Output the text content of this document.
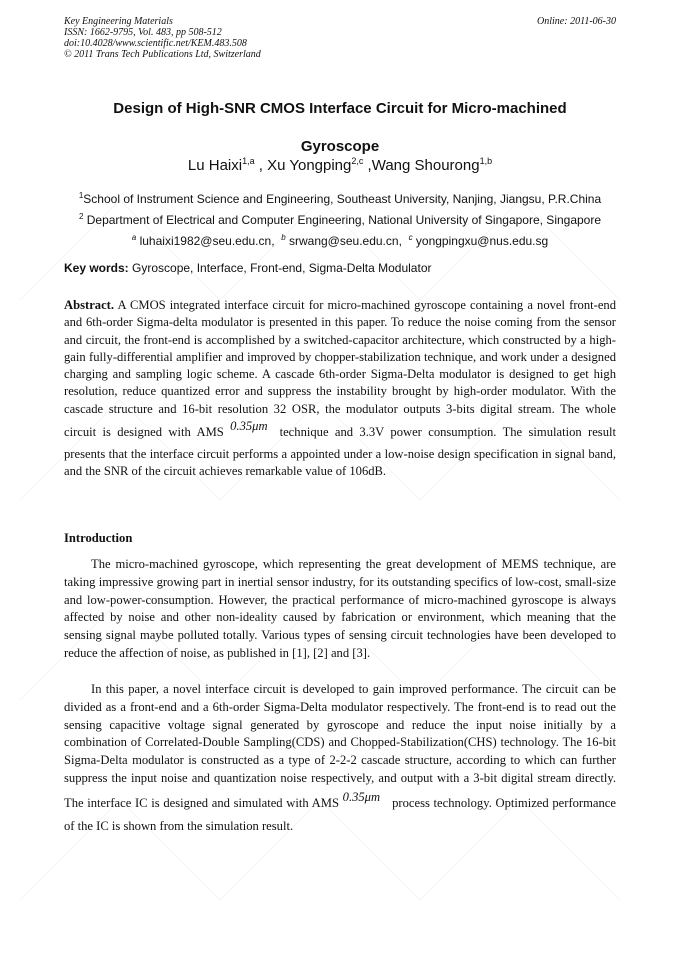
Key Engineering Materials
ISSN: 1662-9795, Vol. 483, pp 508-512
doi:10.4028/www.scientific.net/KEM.483.508
© 2011 Trans Tech Publications Ltd, Switzerland
Online: 2011-06-30
Design of High-SNR CMOS Interface Circuit for Micro-machined
Gyroscope
Lu Haixi$^{1,a}$ , Xu Yongping$^{2,c}$ ,Wang Shourong$^{1,b}$
$^1$School of Instrument Science and Engineering, Southeast University, Nanjing, Jiangsu, P.R.China
$^2$ Department of Electrical and Computer Engineering, National University of Singapore, Singapore
$^a$ luhaixi1982@seu.edu.cn, $^b$ srwang@seu.edu.cn, $^c$ yongpingxu@nus.edu.sg
Key words: Gyroscope, Interface, Front-end, Sigma-Delta Modulator
Abstract. A CMOS integrated interface circuit for micro-machined gyroscope containing a novel front-end and 6th-order Sigma-delta modulator is presented in this paper. To reduce the noise coming from the sensor and circuit, the front-end is accomplished by a switched-capacitor architecture, which constructed by a high-gain fully-differential amplifier and improved by chopper-stabilization technique, and work under a designed charging and sampling logic scheme. A cascade 6th-order Sigma-Delta modulator is designed to get high resolution, reduce quantized error and suppress the instability brought by high-order modulator. With the cascade structure and 16-bit resolution 32 OSR, the modulator outputs 3-bits digital stream. The whole circuit is designed with AMS 0.35μm technique and 3.3V power consumption. The simulation result presents that the interface circuit performs a appointed under a low-noise design specification in signal band, and the SNR of the circuit achieves remarkable value of 106dB.
Introduction
The micro-machined gyroscope, which representing the great development of MEMS technique, are taking impressive growing part in inertial sensor industry, for its outstanding specifics of low-cost, small-size and low-power-consumption. However, the practical performance of micro-machined gyroscope is always affected by noise and other non-ideality caused by fabrication or environment, which meaning that the sensing signal maybe polluted totally. Various types of sensing circuit technologies have been developed to reduce the affection of noise, as published in [1], [2] and [3].
In this paper, a novel interface circuit is developed to gain improved performance. The circuit can be divided as a front-end and a 6th-order Sigma-Delta modulator respectively. The front-end is to read out the sensing capacitive voltage signal generated by gyroscope and reduce the input noise initially by a combination of Correlated-Double Sampling(CDS) and Chopped-Stabilization(CHS) technology. The 16-bit Sigma-Delta modulator is constructed as a type of 2-2-2 cascade structure, according to which can further suppress the input noise and quantization noise respectively, and output with a 3-bit digital stream directly. The interface IC is designed and simulated with AMS 0.35μm process technology. Optimized performance of the IC is shown from the simulation result.
